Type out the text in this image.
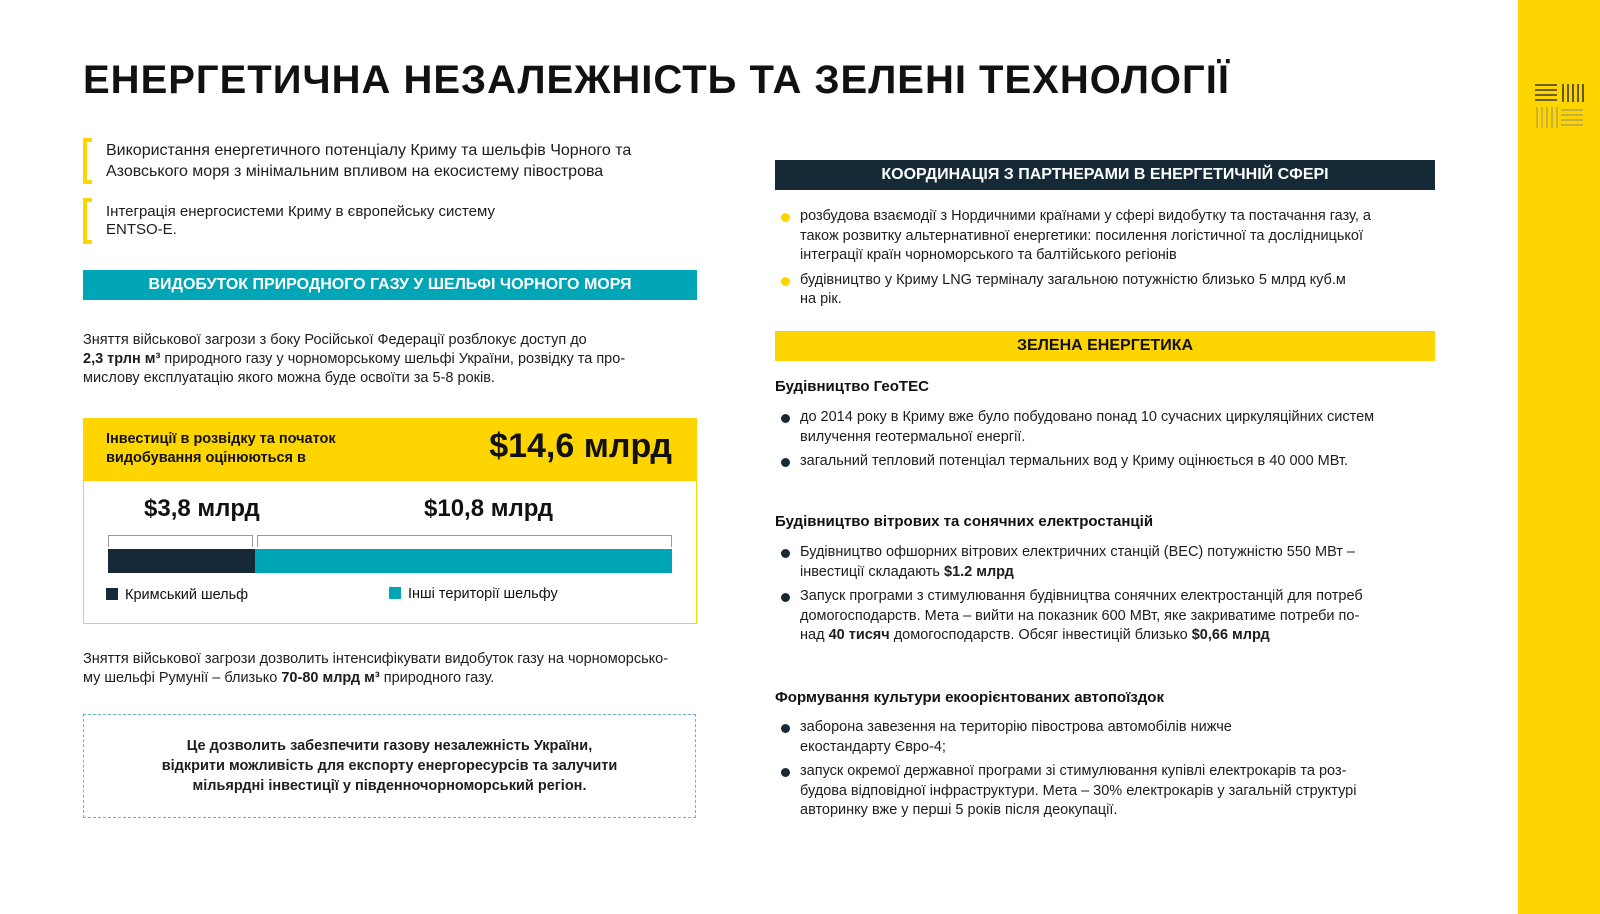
ЕНЕРГЕТИЧНА НЕЗАЛЕЖНІСТЬ ТА ЗЕЛЕНІ ТЕХНОЛОГІЇ
Використання енергетичного потенціалу Криму та шельфів Чорного та
Азовського моря з мінімальним впливом на екосистему півострова
Інтеграція енергосистеми Криму в європейську систему
ENTSO-E.
ВИДОБУТОК ПРИРОДНОГО ГАЗУ У ШЕЛЬФІ ЧОРНОГО МОРЯ
Зняття військової загрози з боку Російської Федерації розблокує доступ до
2,3 трлн м³ природного газу у чорноморському шельфі України, розвідку та про-
мислову експлуатацію якого можна буде освоїти за 5-8 років.
Інвестиції в розвідку та початок
видобування оцінюються в	$14,6 млрд
$3,8 млрд	$10,8 млрд
Кримський шельф	Інші території шельфу
Зняття військової загрози дозволить інтенсифікувати видобуток газу на чорноморсько-
му шельфі Румунії – близько 70-80 млрд м³ природного газу.
Це дозволить забезпечити газову незалежність України,
відкрити можливість для експорту енергоресурсів та залучити
мільярдні інвестиції у південночорноморський регіон.
КООРДИНАЦІЯ З ПАРТНЕРАМИ В ЕНЕРГЕТИЧНІЙ СФЕРІ
розбудова взаємодії з Нордичними країнами у сфері видобутку та постачання газу, а
також розвитку альтернативної енергетики: посилення логістичної та дослідницької
інтеграції країн чорноморського та балтійського регіонів
будівництво у Криму LNG терміналу загальною потужністю близько 5 млрд куб.м
на рік.
ЗЕЛЕНА ЕНЕРГЕТИКА
Будівництво ГеоТЕС
до 2014 року в Криму вже було побудовано понад 10 сучасних циркуляційних систем
вилучення геотермальної енергії.
загальний тепловий потенціал термальних вод у Криму оцінюється в 40 000 МВт.
Будівництво вітрових та сонячних електростанцій
Будівництво офшорних вітрових електричних станцій (ВЕС) потужністю 550 МВт –
інвестиції складають $1.2 млрд
Запуск програми з стимулювання будівництва сонячних електростанцій для потреб
домогосподарств. Мета – вийти на показник 600 МВт, яке закриватиме потреби по-
над 40 тисяч домогосподарств. Обсяг інвестицій близько $0,66 млрд
Формування культури екоорієнтованих автопоїздок
заборона завезення на територію півострова автомобілів нижче
екостандарту Євро-4;
запуск окремої державної програми зі стимулювання купівлі електрокарів та роз-
будова відповідної інфраструктури. Мета – 30% електрокарів у загальній структурі
авторинку вже у перші 5 років після деокупації.
